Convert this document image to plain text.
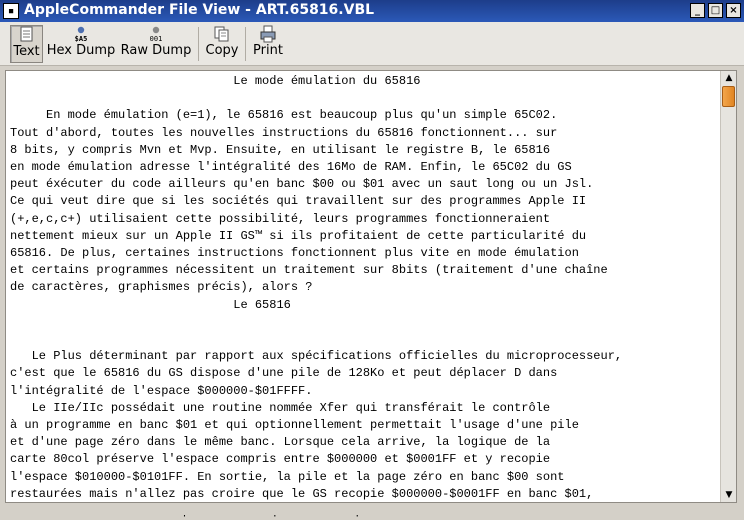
▪ AppleCommander File View - ART.65816.VBL	_	□ ×
Text
$A5
Hex Dump
001
Raw Dump Copy Print
Le mode émulation du 65816

En mode émulation (e=1), le 65816 est beaucoup plus qu'un simple 65C02.
Tout d'abord, toutes les nouvelles instructions du 65816 fonctionnent... sur
8 bits, y compris Mvn et Mvp. Ensuite, en utilisant le registre B, le 65816
en mode émulation adresse l'intégralité des 16Mo de RAM. Enfin, le 65C02 du GS
peut éxécuter du code ailleurs qu'en banc $00 ou $01 avec un saut long ou un Jsl.
Ce qui veut dire que si les sociétés qui travaillent sur des programmes Apple II
(+,e,c,c+) utilisaient cette possibilité, leurs programmes fonctionneraient
nettement mieux sur un Apple II GS™ si ils profitaient de cette particularité du
65816. De plus, certaines instructions fonctionnent plus vite en mode émulation
et certains programmes nécessitent un traitement sur 8bits (traitement d'une chaîne
de caractères, graphismes précis), alors ?
Le 65816

Le Plus déterminant par rapport aux spécifications officielles du microprocesseur,
c'est que le 65816 du GS dispose d'une pile de 128Ko et peut déplacer D dans
l'intégralité de l'espace $000000-$01FFFF.
Le IIe/IIc possédait une routine nommée Xfer qui transférait le contrôle
à un programme en banc $01 et qui optionnellement permettait l'usage d'une pile
et d'une page zéro dans le même banc. Lorsque cela arrive, la logique de la
carte 80col préserve l'espace compris entre $000000 et $0001FF et y recopie
l'espace $010000-$0101FF. En sortie, la pile et la page zéro en banc $00 sont
restaurées mais n'allez pas croire que le GS recopie $000000-$0001FF en banc $01,
▲
▼
